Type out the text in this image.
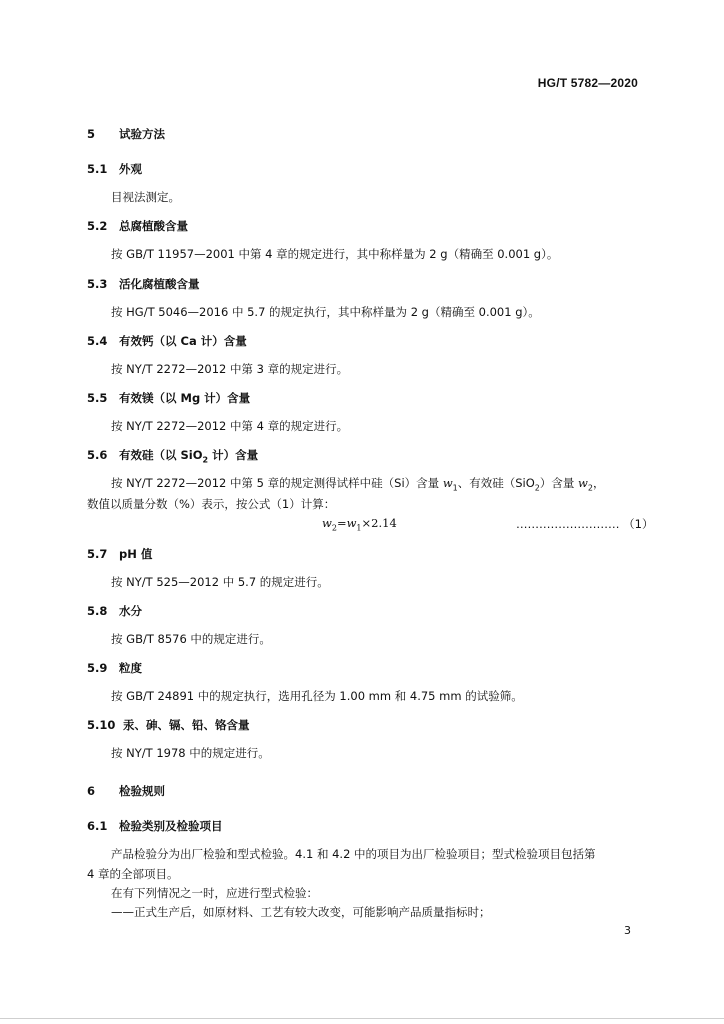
HG/T 5782—2020
5 试验方法
5.1 外观
目视法测定。
5.2 总腐植酸含量
按 GB/T 11957—2001 中第 4 章的规定进行，其中称样量为 2 g（精确至 0.001 g）。
5.3 活化腐植酸含量
按 HG/T 5046—2016 中 5.7 的规定执行，其中称样量为 2 g（精确至 0.001 g）。
5.4 有效钙（以 Ca 计）含量
按 NY/T 2272—2012 中第 3 章的规定进行。
5.5 有效镁（以 Mg 计）含量
按 NY/T 2272—2012 中第 4 章的规定进行。
5.6 有效硅（以 SiO$_2$ 计）含量
按 NY/T 2272—2012 中第 5 章的规定测得试样中硅（Si）含量 $w_1$、有效硅（SiO$_2$）含量 $w_2$，
数值以质量分数（%）表示，按公式（1）计算：
$w_2=w_1\times 2.14$	……………………… （1）
5.7 pH 值
按 NY/T 525—2012 中 5.7 的规定进行。
5.8 水分
按 GB/T 8576 中的规定进行。
5.9 粒度
按 GB/T 24891 中的规定执行，选用孔径为 1.00 mm 和 4.75 mm 的试验筛。
5.10 汞、砷、镉、铅、铬含量
按 NY/T 1978 中的规定进行。
6 检验规则
6.1 检验类别及检验项目
产品检验分为出厂检验和型式检验。4.1 和 4.2 中的项目为出厂检验项目；型式检验项目包括第
4 章的全部项目。
在有下列情况之一时，应进行型式检验：
——正式生产后，如原材料、工艺有较大改变，可能影响产品质量指标时；
3
